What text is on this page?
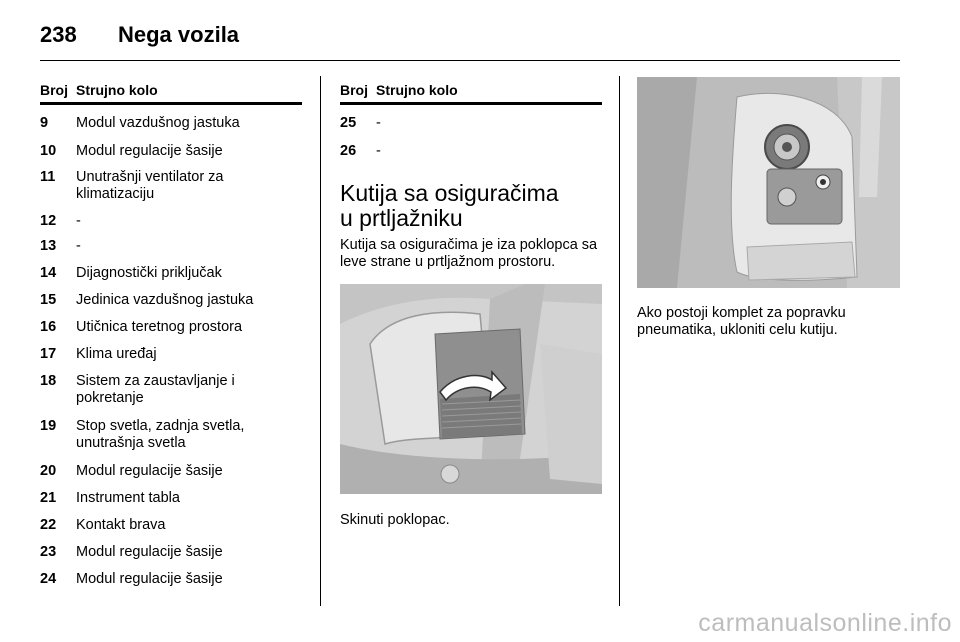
238 Nega vozila
Broj Strujno kolo
9 Modul vazdušnog jastuka
10 Modul regulacije šasije
11 Unutrašnji ventilator za klimatizaciju
12 -
13 -
14 Dijagnostički priključak
15 Jedinica vazdušnog jastuka
16 Utičnica teretnog prostora
17 Klima uređaj
18 Sistem za zaustavljanje i pokretanje
19 Stop svetla, zadnja svetla, unutrašnja svetla
20 Modul regulacije šasije
21 Instrument tabla
22 Kontakt brava
23 Modul regulacije šasije
24 Modul regulacije šasije
Broj Strujno kolo
25 -
26 -
Kutija sa osiguračima
u prtljažniku
Kutija sa osiguračima je iza poklopca sa leve strane u prtljažnom prostoru.
Skinuti poklopac.
Ako postoji komplet za popravku pneumatika, ukloniti celu kutiju.
carmanualsonline.info
